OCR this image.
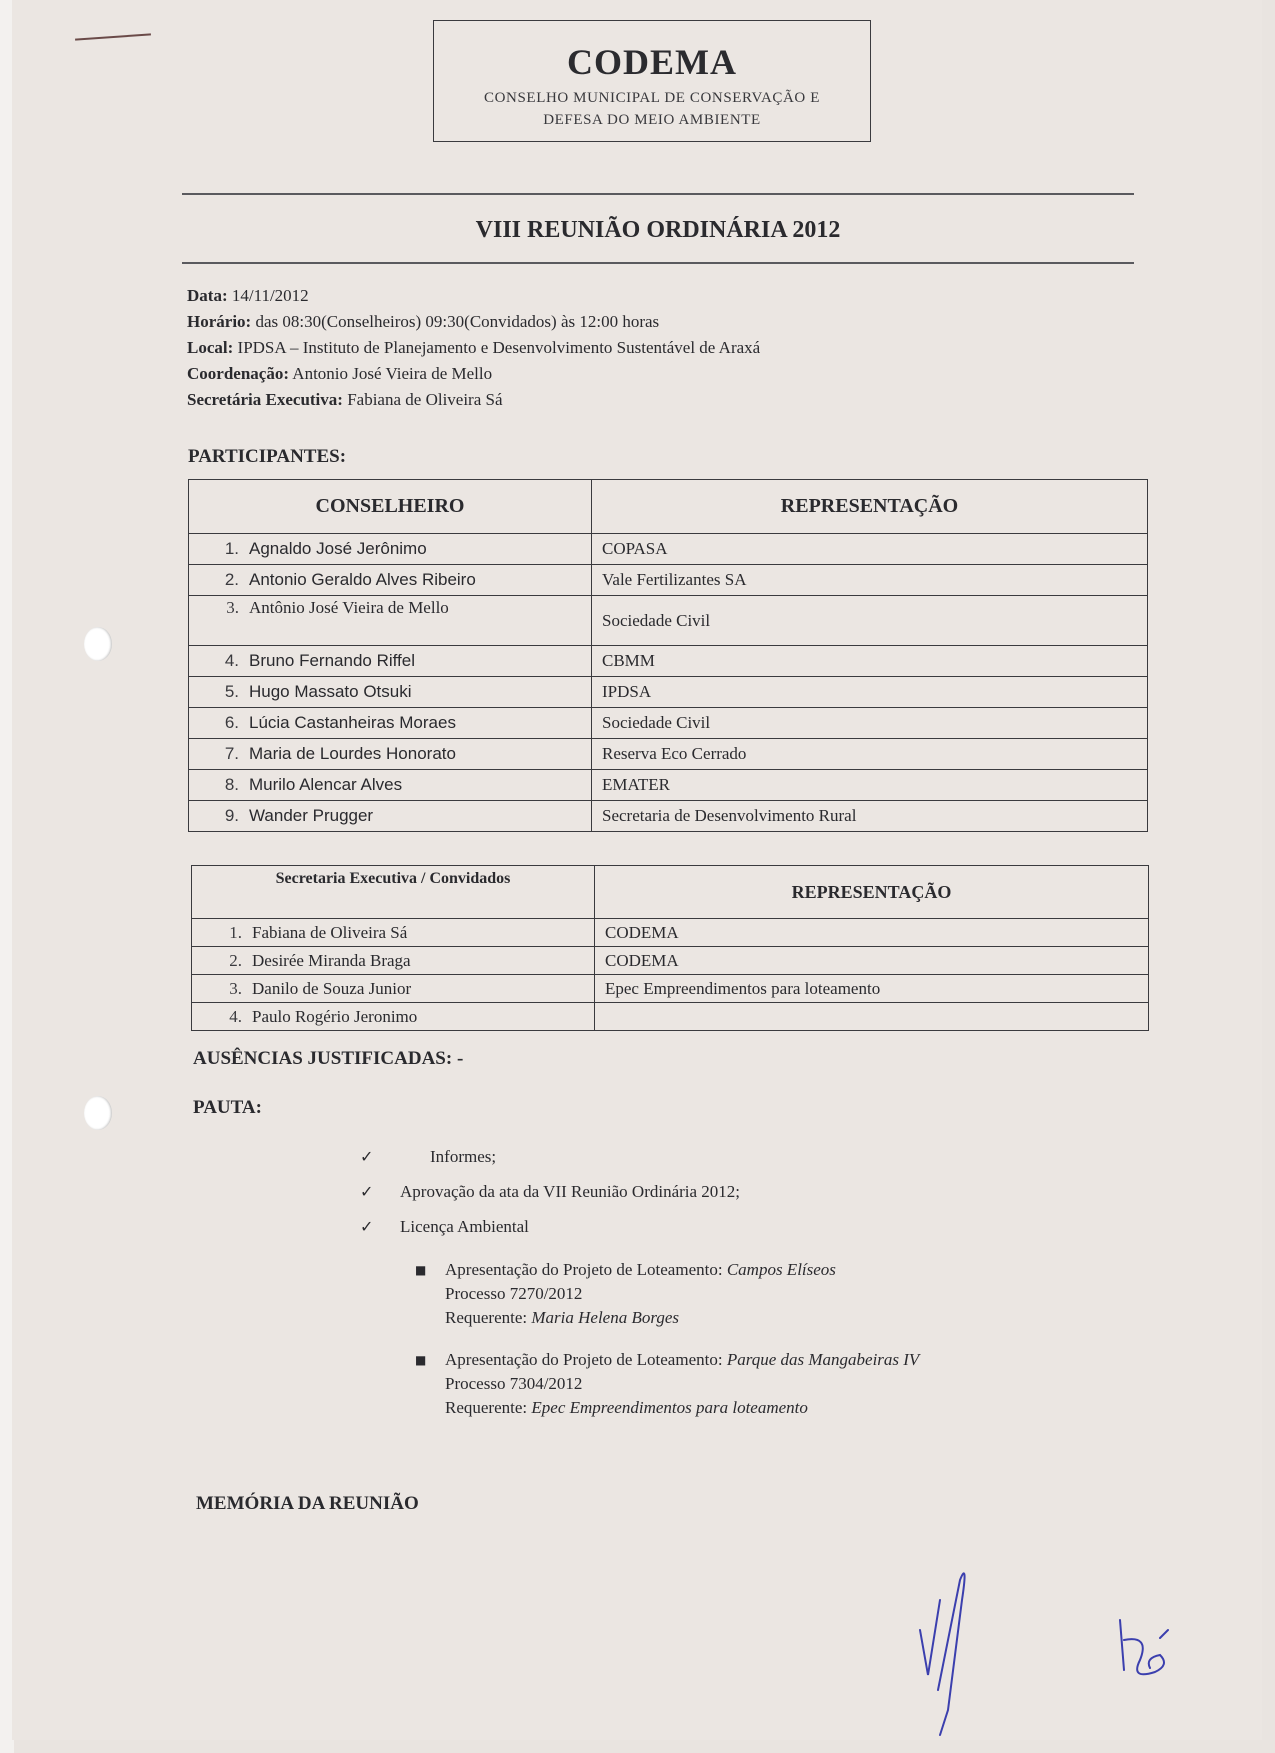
CODEMA
CONSELHO MUNICIPAL DE CONSERVAÇÃO E DEFESA DO MEIO AMBIENTE
VIII REUNIÃO ORDINÁRIA 2012
Data: 14/11/2012
Horário: das 08:30(Conselheiros) 09:30(Convidados) às 12:00 horas
Local: IPDSA – Instituto de Planejamento e Desenvolvimento Sustentável de Araxá
Coordenação: Antonio José Vieira de Mello
Secretária Executiva: Fabiana de Oliveira Sá
PARTICIPANTES:
CONSELHEIRO	REPRESENTAÇÃO
1. Agnaldo José Jerônimo	COPASA
2. Antonio Geraldo Alves Ribeiro	Vale Fertilizantes SA
3. Antônio José Vieira de Mello	Sociedade Civil
4. Bruno Fernando Riffel	CBMM
5. Hugo Massato Otsuki	IPDSA
6. Lúcia Castanheiras Moraes	Sociedade Civil
7. Maria de Lourdes Honorato	Reserva Eco Cerrado
8. Murilo Alencar Alves	EMATER
9. Wander Prugger	Secretaria de Desenvolvimento Rural
Secretaria Executiva / Convidados	REPRESENTAÇÃO
1. Fabiana de Oliveira Sá	CODEMA
2. Desirée Miranda Braga	CODEMA
3. Danilo de Souza Junior	Epec Empreendimentos para loteamento
4. Paulo Rogério Jeronimo	
AUSÊNCIAS JUSTIFICADAS: -
PAUTA:
✓	Informes;
✓ Aprovação da ata da VII Reunião Ordinária 2012;
✓ Licença Ambiental
■ Apresentação do Projeto de Loteamento: Campos Elíseos
Processo 7270/2012
Requerente: Maria Helena Borges
■ Apresentação do Projeto de Loteamento: Parque das Mangabeiras IV
Processo 7304/2012
Requerente: Epec Empreendimentos para loteamento
MEMÓRIA DA REUNIÃO
